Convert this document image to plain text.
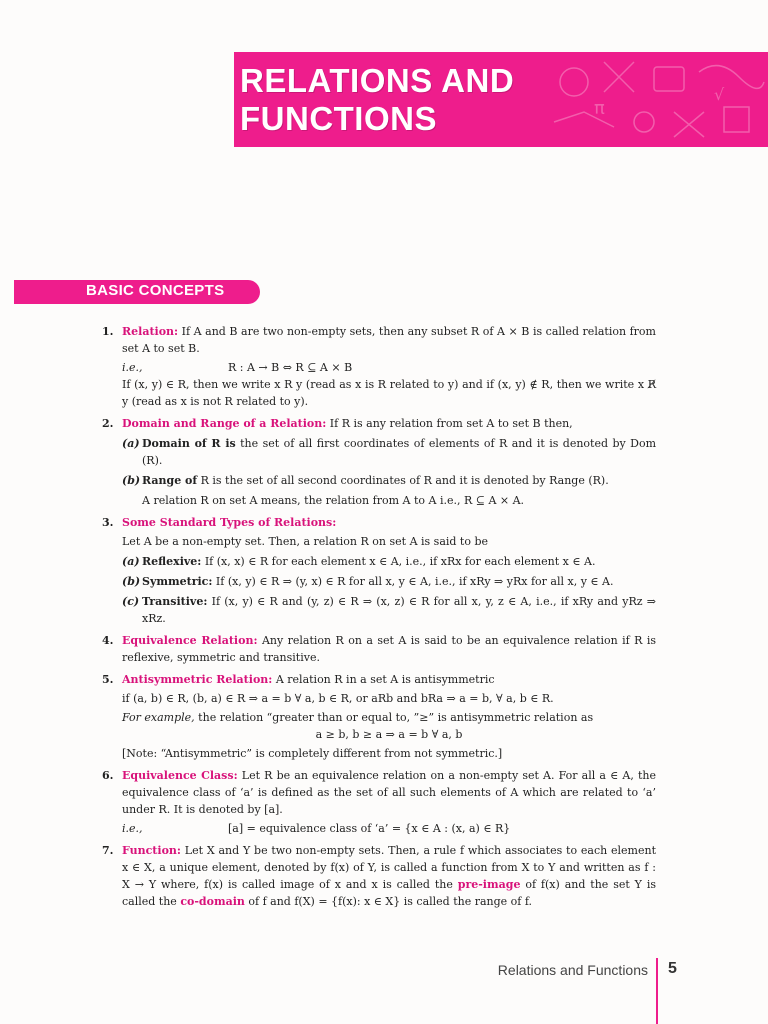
π
√
RELATIONS AND
FUNCTIONS
BASIC CONCEPTS
1. Relation: If A and B are two non-empty sets, then any subset R of A × B is called relation from set A to set B.

i.e.,	R : A → B ⇔ R ⊆ A × B

If (x, y) ∈ R, then we write x R y (read as x is R related to y) and if (x, y) ∉ R, then we write x R̸ y (read as x is not R related to y).

2. Domain and Range of a Relation: If R is any relation from set A to set B then,

(a) Domain of R is the set of all first coordinates of elements of R and it is denoted by Dom (R).
(b) Range of R is the set of all second coordinates of R and it is denoted by Range (R).

A relation R on set A means, the relation from A to A i.e., R ⊆ A × A.

3. Some Standard Types of Relations:

Let A be a non-empty set. Then, a relation R on set A is said to be

(a) Reflexive: If (x, x) ∈ R for each element x ∈ A, i.e., if xRx for each element x ∈ A.
(b) Symmetric: If (x, y) ∈ R ⇒ (y, x) ∈ R for all x, y ∈ A, i.e., if xRy ⇒ yRx for all x, y ∈ A.
(c) Transitive: If (x, y) ∈ R and (y, z) ∈ R ⇒ (x, z) ∈ R for all x, y, z ∈ A, i.e., if xRy and yRz ⇒ xRz.
4. Equivalence Relation: Any relation R on a set A is said to be an equivalence relation if R is reflexive, symmetric and transitive.

5. Antisymmetric Relation: A relation R in a set A is antisymmetric

if (a, b) ∈ R, (b, a) ∈ R ⇒ a = b ∀ a, b ∈ R, or aRb and bRa ⇒ a = b, ∀ a, b ∈ R.

For example, the relation “greater than or equal to, ”≥” is antisymmetric relation as

a ≥ b, b ≥ a ⇒ a = b ∀ a, b

[Note: “Antisymmetric” is completely different from not symmetric.]

6. Equivalence Class: Let R be an equivalence relation on a non-empty set A. For all a ∈ A, the equivalence class of ‘a’ is defined as the set of all such elements of A which are related to ‘a’ under R. It is denoted by [a].

i.e.,	[a] = equivalence class of ‘a’ = {x ∈ A : (x, a) ∈ R}
7. Function: Let X and Y be two non-empty sets. Then, a rule f which associates to each element x ∈ X, a unique element, denoted by f(x) of Y, is called a function from X to Y and written as f : X → Y where, f(x) is called image of x and x is called the pre-image of f(x) and the set Y is called the co-domain of f and f(X) = {f(x): x ∈ X} is called the range of f.

Relations and Functions 5
